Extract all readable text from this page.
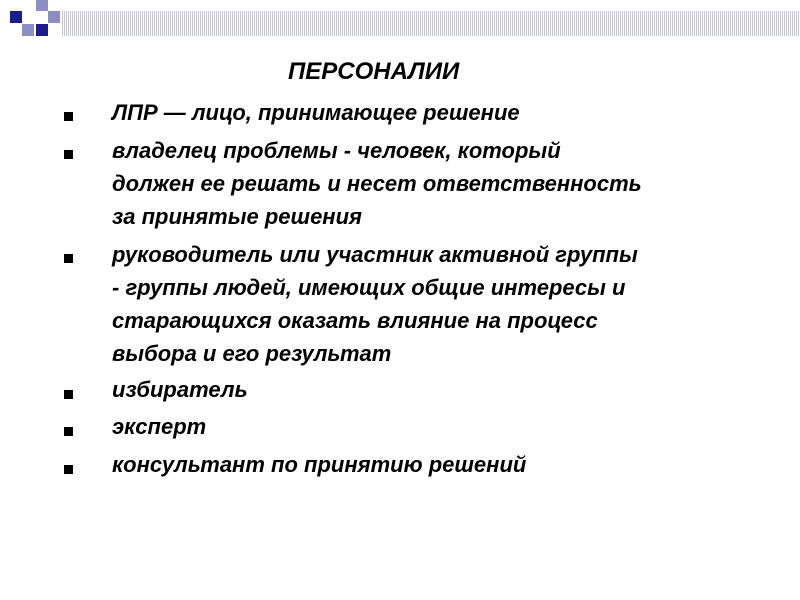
ПЕРСОНАЛИИ
ЛПР — лицо, принимающее решение
владелец проблемы - человек, который
должен ее решать и несет ответственность
за принятые решения
руководитель или участник активной группы
- группы людей, имеющих общие интересы и
старающихся оказать влияние на процесс
выбора и его результат
избиратель
эксперт
консультант по принятию решений
